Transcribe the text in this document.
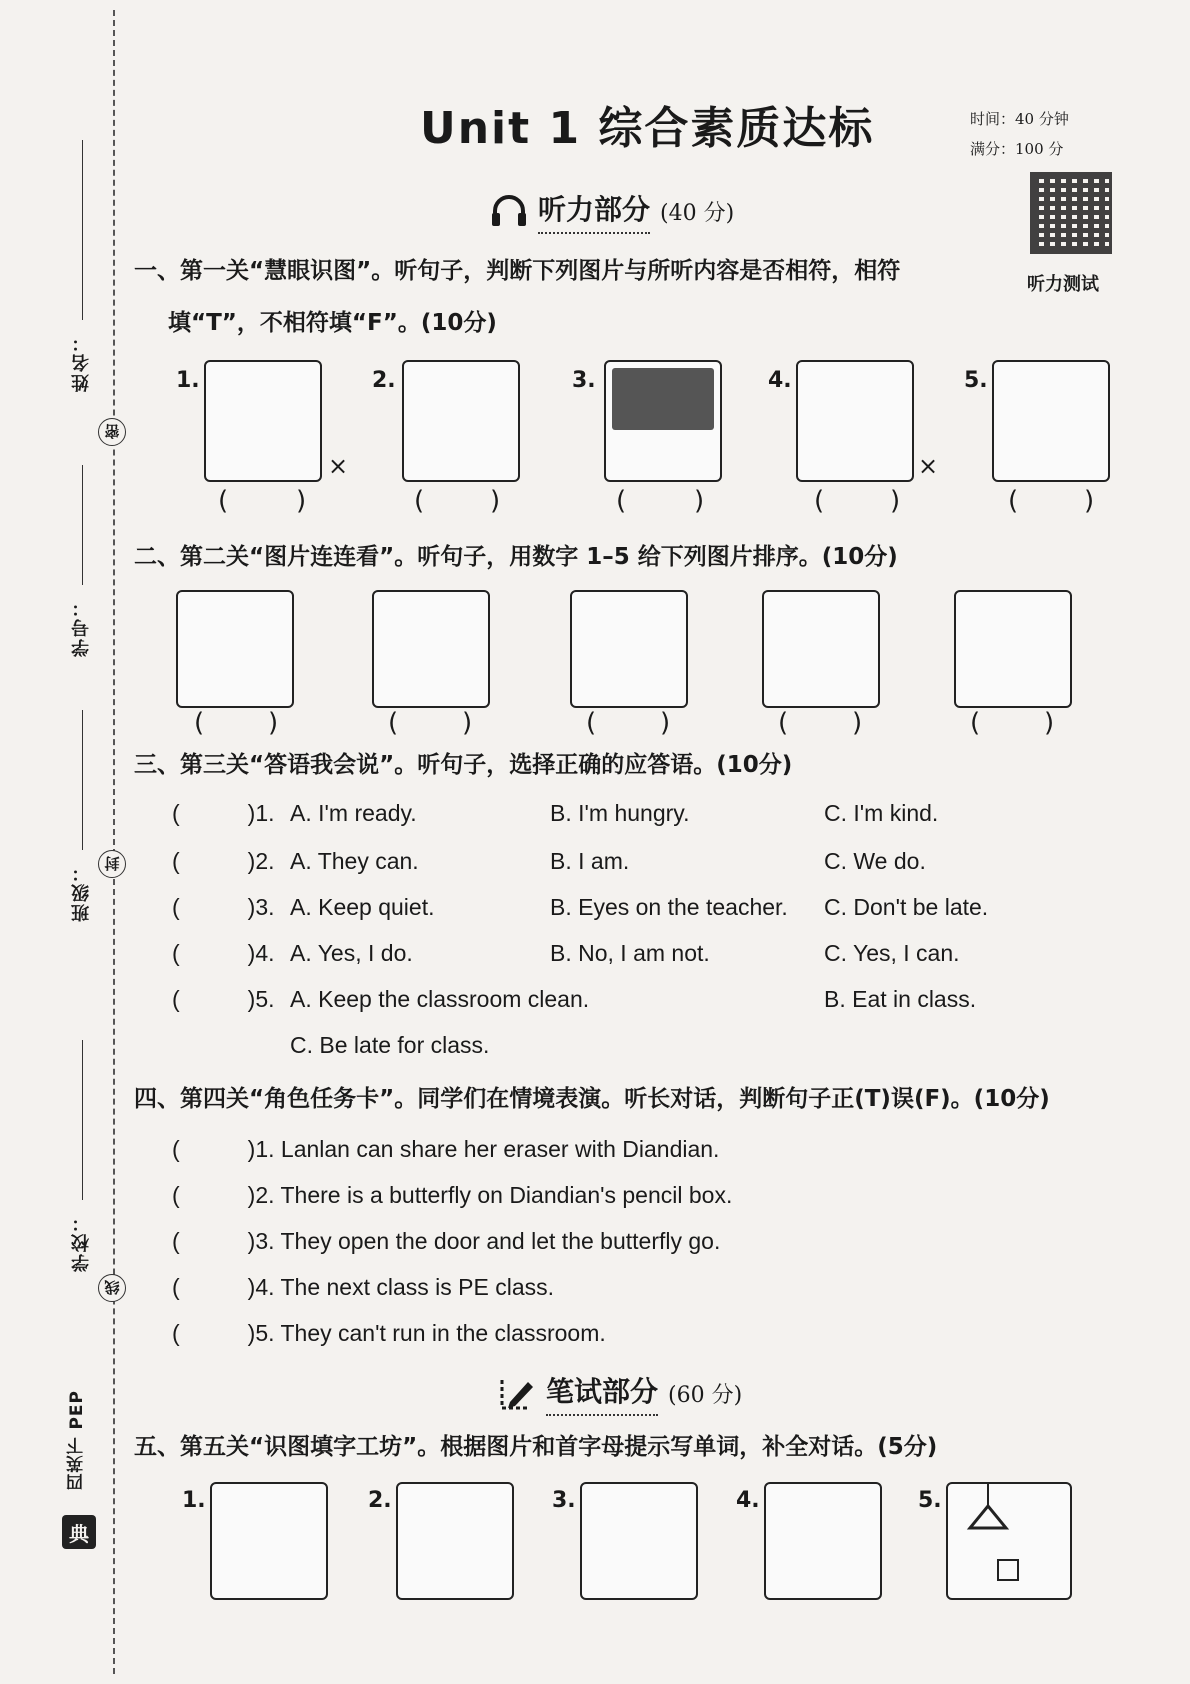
姓名：
学号：
班级：
学校：
密
封
线
四英下 PEP
典
Unit 1 综合素质达标	时间：40 分钟
满分：100 分
听力测试
听力部分 (40 分)
一、第一关“慧眼识图”。听句子，判断下列图片与所听内容是否相符，相符
填“T”，不相符填“F”。(10分)
1.
×
2.	3.	4.
×
5.
(	)	(	)	(	)	(	)	(	)
二、第二关“图片连连看”。听句子，用数字 1–5 给下列图片排序。(10分)
( )	( )	( )	( )	( )
三、第三关“答语我会说”。听句子，选择正确的应答语。(10分)
(	)1. A. I'm ready.	B. I'm hungry.	C. I'm kind.
(	)2. A. They can.	B. I am.	C. We do.
(	)3. A. Keep quiet.	B. Eyes on the teacher. C. Don't be late.
(	)4. A. Yes, I do.	B. No, I am not.	C. Yes, I can.
(	)5. A. Keep the classroom clean.	B. Eat in class.
C. Be late for class.
四、第四关“角色任务卡”。同学们在情境表演。听长对话，判断句子正(T)误(F)。(10分)
(	)1. Lanlan can share her eraser with Diandian.
(	)2. There is a butterfly on Diandian's pencil box.
(	)3. They open the door and let the butterfly go.
(	)4. The next class is PE class.
(	)5. They can't run in the classroom.
笔试部分 (60 分)
五、第五关“识图填字工坊”。根据图片和首字母提示写单词，补全对话。(5分)
1.	2.	3.	4.	5.
